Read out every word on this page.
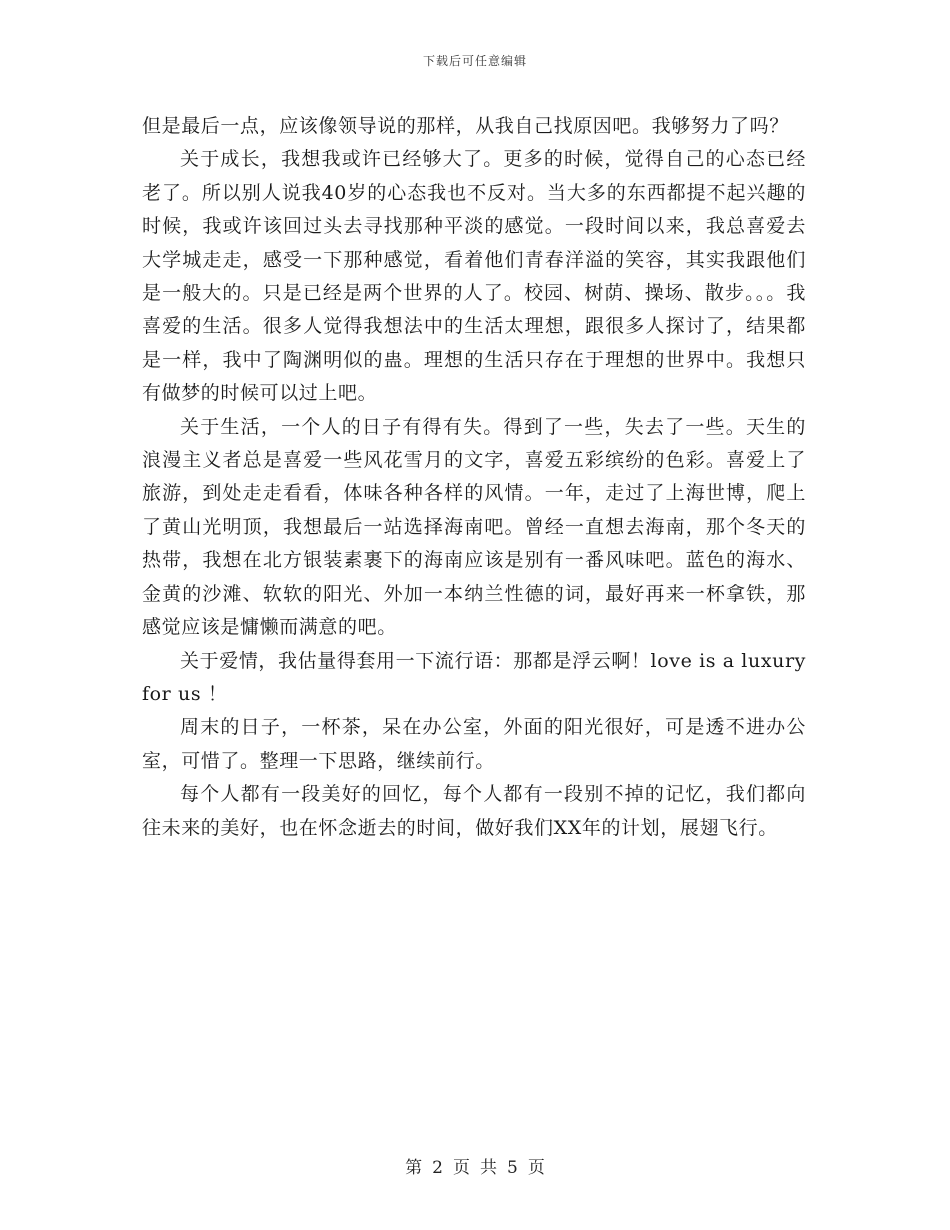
下载后可任意编辑

但是最后一点，应该像领导说的那样，从我自己找原因吧。我够努力了吗？

关于成长，我想我或许已经够大了。更多的时候，觉得自己的心态已经老了。所以别人说我40岁的心态我也不反对。当大多的东西都提不起兴趣的时候，我或许该回过头去寻找那种平淡的感觉。一段时间以来，我总喜爱去大学城走走，感受一下那种感觉，看着他们青春洋溢的笑容，其实我跟他们是一般大的。只是已经是两个世界的人了。校园、树荫、操场、散步。。。我喜爱的生活。很多人觉得我想法中的生活太理想，跟很多人探讨了，结果都是一样，我中了陶渊明似的蛊。理想的生活只存在于理想的世界中。我想只有做梦的时候可以过上吧。

关于生活，一个人的日子有得有失。得到了一些，失去了一些。天生的浪漫主义者总是喜爱一些风花雪月的文字，喜爱五彩缤纷的色彩。喜爱上了旅游，到处走走看看，体味各种各样的风情。一年，走过了上海世博，爬上了黄山光明顶，我想最后一站选择海南吧。曾经一直想去海南，那个冬天的热带，我想在北方银装素裹下的海南应该是别有一番风味吧。蓝色的海水、金黄的沙滩、软软的阳光、外加一本纳兰性德的词，最好再来一杯拿铁，那感觉应该是慵懒而满意的吧。

关于爱情，我估量得套用一下流行语：那都是浮云啊！love is a luxury for us ！

周末的日子，一杯茶，呆在办公室，外面的阳光很好，可是透不进办公室，可惜了。整理一下思路，继续前行。

每个人都有一段美好的回忆，每个人都有一段别不掉的记忆，我们都向往未来的美好，也在怀念逝去的时间，做好我们XX年的计划，展翅飞行。

第 2 页 共 5 页
